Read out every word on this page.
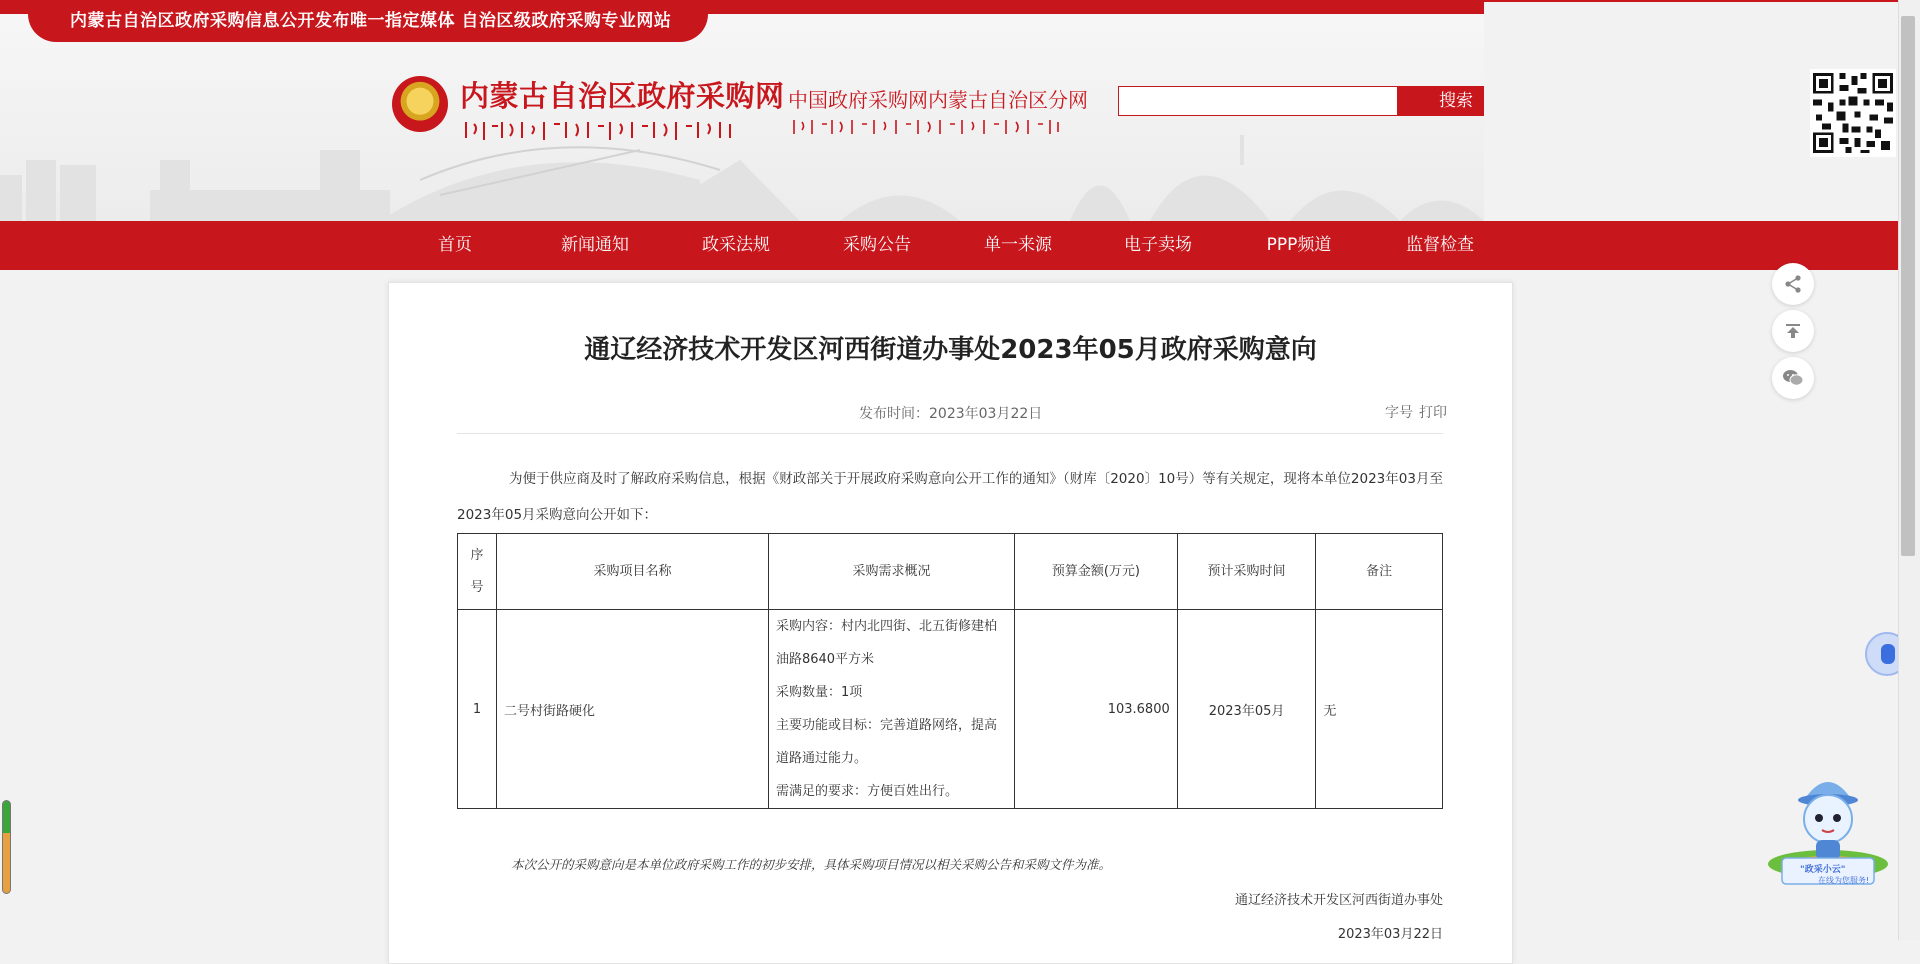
内蒙古自治区政府采购信息公开发布唯一指定媒体 自治区级政府采购专业网站
内蒙古自治区政府采购网 中国政府采购网内蒙古自治区分网	搜索
首页	新闻通知	政采法规	采购公告	单一来源	电子卖场	PPP频道	监督检查
通辽经济技术开发区河西街道办事处2023年05月政府采购意向
发布时间：2023年03月22日	字号 打印
为便于供应商及时了解政府采购信息，根据《财政部关于开展政府采购意向公开工作的通知》（财库〔2020〕10号）等有关规定，现将本单位2023年03月至2023年05月采购意向公开如下：
序号	采购项目名称	采购需求概况	预算金额(万元)	预计采购时间	备注
1	二号村街路硬化	采购内容：村内北四街、北五街修建柏油路8640平方米
采购数量：1项
主要功能或目标：完善道路网络，提高道路通过能力。
需满足的要求：方便百姓出行。	103.6800	2023年05月	无
本次公开的采购意向是本单位政府采购工作的初步安排，具体采购项目情况以相关采购公告和采购文件为准。
通辽经济技术开发区河西街道办事处
2023年03月22日
"政采小云"
在线为您服务!
